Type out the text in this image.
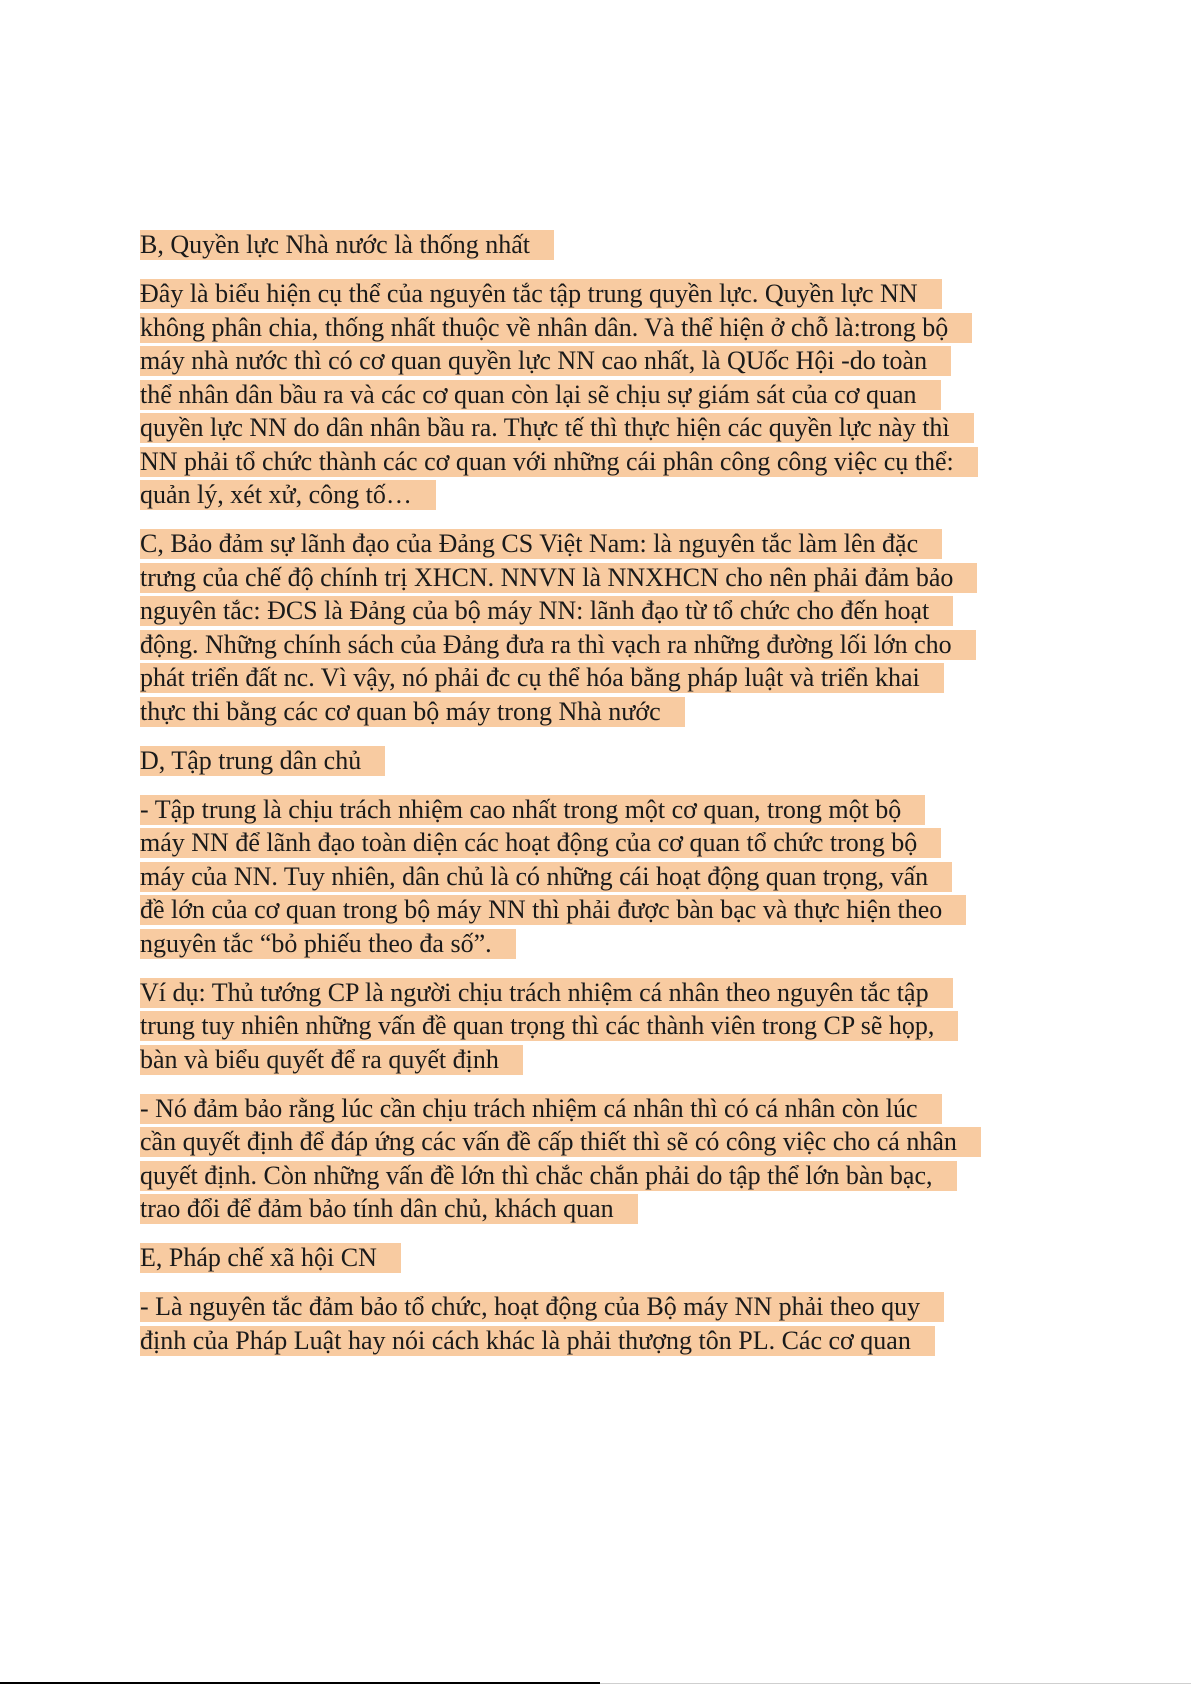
B, Quyền lực Nhà nước là thống nhất
Đây là biểu hiện cụ thể của nguyên tắc tập trung quyền lực. Quyền lực NN
không phân chia, thống nhất thuộc về nhân dân. Và thể hiện ở chỗ là:trong bộ
máy nhà nước thì có cơ quan quyền lực NN cao nhất, là QUốc Hội -do toàn
thể nhân dân bầu ra và các cơ quan còn lại sẽ chịu sự giám sát của cơ quan
quyền lực NN do dân nhân bầu ra. Thực tế thì thực hiện các quyền lực này thì
NN phải tổ chức thành các cơ quan với những cái phân công công việc cụ thể:
quản lý, xét xử, công tố…
C, Bảo đảm sự lãnh đạo của Đảng CS Việt Nam: là nguyên tắc làm lên đặc
trưng của chế độ chính trị XHCN. NNVN là NNXHCN cho nên phải đảm bảo
nguyên tắc: ĐCS là Đảng của bộ máy NN: lãnh đạo từ tổ chức cho đến hoạt
động. Những chính sách của Đảng đưa ra thì vạch ra những đường lối lớn cho
phát triển đất nc. Vì vậy, nó phải đc cụ thể hóa bằng pháp luật và triển khai
thực thi bằng các cơ quan bộ máy trong Nhà nước
D, Tập trung dân chủ
- Tập trung là chịu trách nhiệm cao nhất trong một cơ quan, trong một bộ
máy NN để lãnh đạo toàn diện các hoạt động của cơ quan tổ chức trong bộ
máy của NN. Tuy nhiên, dân chủ là có những cái hoạt động quan trọng, vấn
đề lớn của cơ quan trong bộ máy NN thì phải được bàn bạc và thực hiện theo
nguyên tắc “bỏ phiếu theo đa số”.
Ví dụ: Thủ tướng CP là người chịu trách nhiệm cá nhân theo nguyên tắc tập
trung tuy nhiên những vấn đề quan trọng thì các thành viên trong CP sẽ họp,
bàn và biểu quyết để ra quyết định
- Nó đảm bảo rằng lúc cần chịu trách nhiệm cá nhân thì có cá nhân còn lúc
cần quyết định để đáp ứng các vấn đề cấp thiết thì sẽ có công việc cho cá nhân
quyết định. Còn những vấn đề lớn thì chắc chắn phải do tập thể lớn bàn bạc,
trao đổi để đảm bảo tính dân chủ, khách quan
E, Pháp chế xã hội CN
- Là nguyên tắc đảm bảo tổ chức, hoạt động của Bộ máy NN phải theo quy
định của Pháp Luật hay nói cách khác là phải thượng tôn PL. Các cơ quan
